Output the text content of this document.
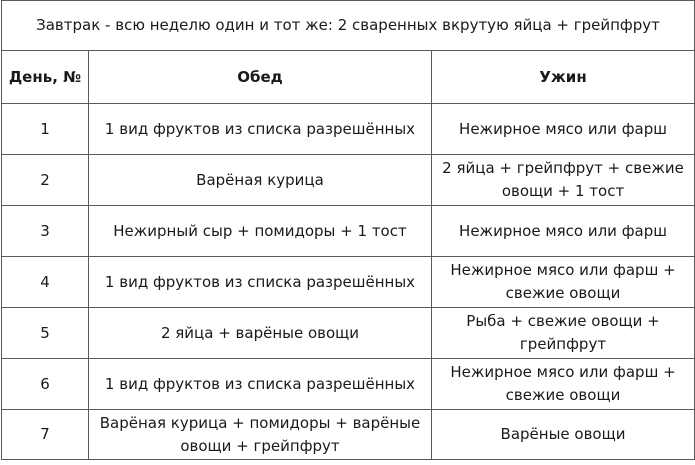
Завтрак - всю неделю один и тот же: 2 сваренных вкрутую яйца + грейпфрут		
День, №	Обед	Ужин
1	1 вид фруктов из списка разрешённых	Нежирное мясо или фарш
2	Варёная курица	2 яйца + грейпфрут + свежие овощи + 1 тост
3	Нежирный сыр + помидоры + 1 тост	Нежирное мясо или фарш
4	1 вид фруктов из списка разрешённых	Нежирное мясо или фарш + свежие овощи
5	2 яйца + варёные овощи	Рыба + свежие овощи + грейпфрут
6	1 вид фруктов из списка разрешённых	Нежирное мясо или фарш + свежие овощи
7	Варёная курица + помидоры + варёные овощи + грейпфрут	Варёные овощи
